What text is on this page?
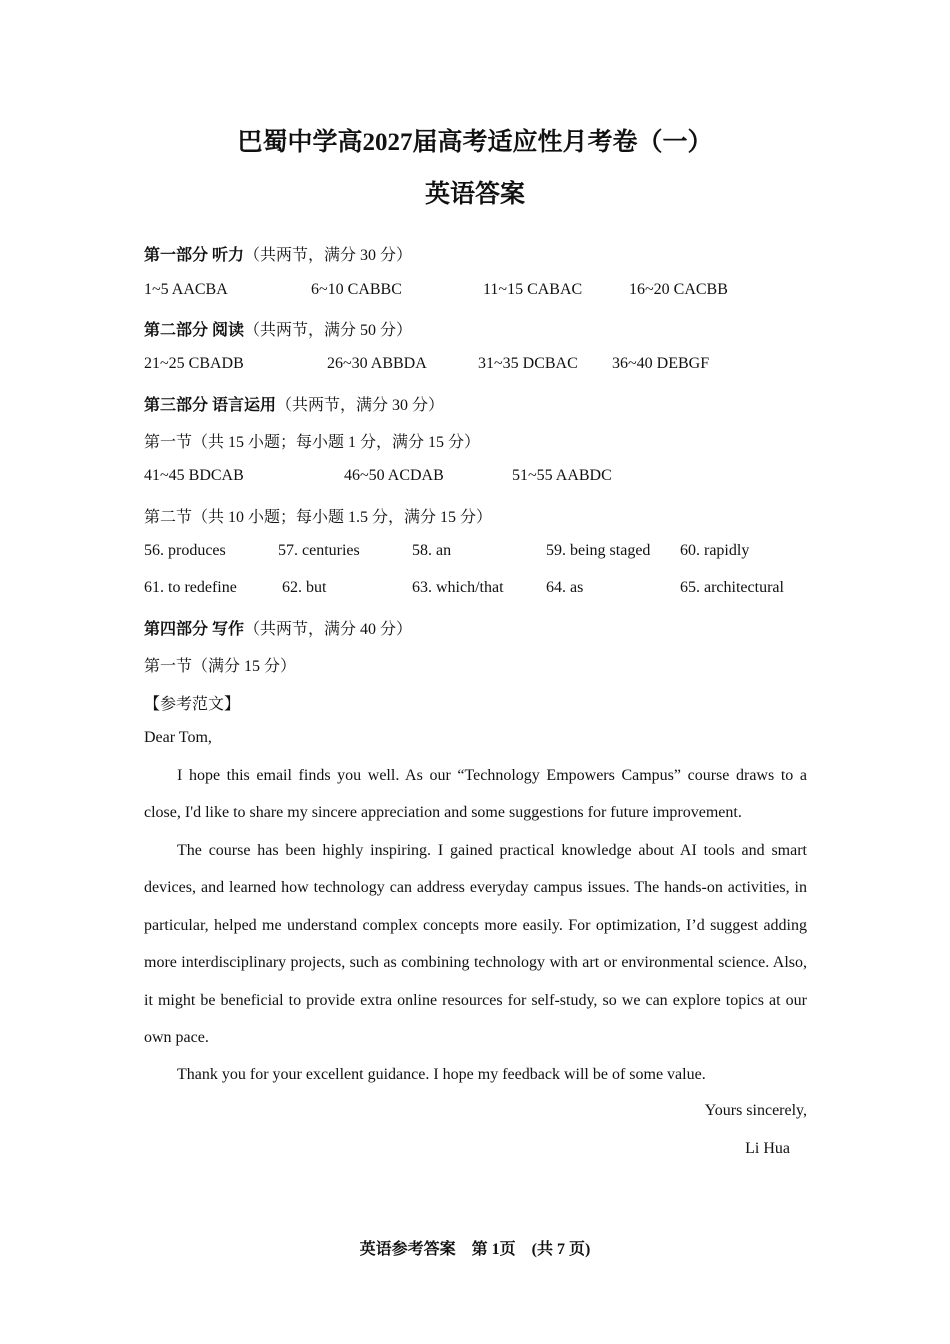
巴蜀中学高2027届高考适应性月考卷（一）
英语答案
第一部分 听力（共两节，满分 30 分）
1~5 AACBA	6~10 CABBC	11~15 CABAC	16~20 CACBB
第二部分 阅读（共两节，满分 50 分）
21~25 CBADB	26~30 ABBDA	31~35 DCBAC 36~40 DEBGF
第三部分 语言运用（共两节，满分 30 分）
第一节（共 15 小题；每小题 1 分，满分 15 分）
41~45 BDCAB	46~50 ACDAB	51~55 AABDC
第二节（共 10 小题；每小题 1.5 分，满分 15 分）
56. produces	57. centuries	58. an	59. being staged 60. rapidly
61. to redefine	62. but	63. which/that	64. as	65. architectural
第四部分 写作（共两节，满分 40 分）
第一节（满分 15 分）
【参考范文】
Dear Tom,
I hope this email finds you well. As our “Technology Empowers Campus” course draws to a close, I'd like to share my sincere appreciation and some suggestions for future improvement.
The course has been highly inspiring. I gained practical knowledge about AI tools and smart devices, and learned how technology can address everyday campus issues. The hands-on activities, in particular, helped me understand complex concepts more easily. For optimization, I’d suggest adding more interdisciplinary projects, such as combining technology with art or environmental science. Also, it might be beneficial to provide extra online resources for self-study, so we can explore topics at our own pace.
Thank you for your excellent guidance. I hope my feedback will be of some value.
Yours sincerely,
Li Hua
英语参考答案　第 1页　(共 7 页)
